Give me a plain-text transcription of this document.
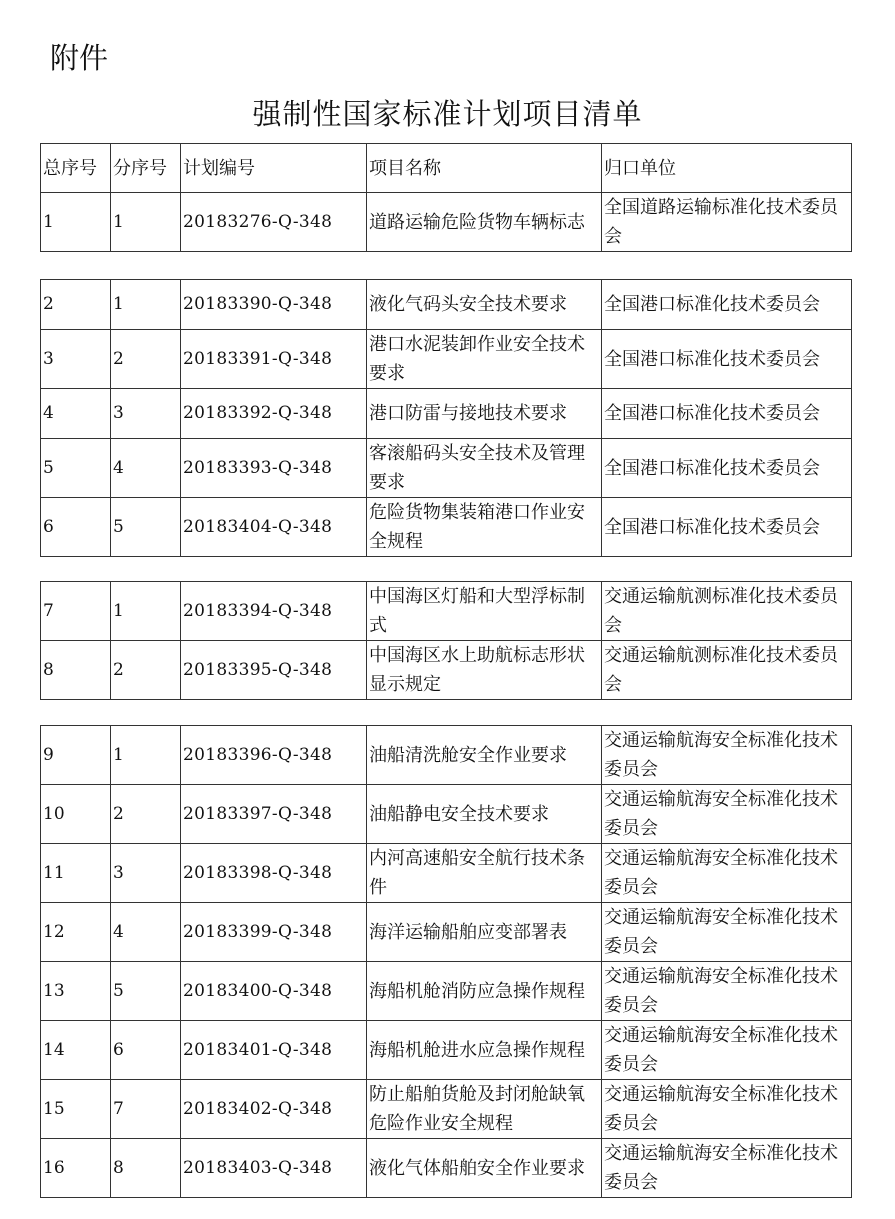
附件
强制性国家标准计划项目清单
总序号	分序号	计划编号	项目名称	归口单位
1	1	20183276-Q-348	道路运输危险货物车辆标志	全国道路运输标准化技术委员会
2	1	20183390-Q-348	液化气码头安全技术要求	全国港口标准化技术委员会
3	2	20183391-Q-348	港口水泥装卸作业安全技术要求	全国港口标准化技术委员会
4	3	20183392-Q-348	港口防雷与接地技术要求	全国港口标准化技术委员会
5	4	20183393-Q-348	客滚船码头安全技术及管理要求	全国港口标准化技术委员会
6	5	20183404-Q-348	危险货物集装箱港口作业安全规程	全国港口标准化技术委员会
7	1	20183394-Q-348	中国海区灯船和大型浮标制式	交通运输航测标准化技术委员会
8	2	20183395-Q-348	中国海区水上助航标志形状显示规定	交通运输航测标准化技术委员会
9	1	20183396-Q-348	油船清洗舱安全作业要求	交通运输航海安全标准化技术委员会
10	2	20183397-Q-348	油船静电安全技术要求	交通运输航海安全标准化技术委员会
11	3	20183398-Q-348	内河高速船安全航行技术条件	交通运输航海安全标准化技术委员会
12	4	20183399-Q-348	海洋运输船舶应变部署表	交通运输航海安全标准化技术委员会
13	5	20183400-Q-348	海船机舱消防应急操作规程	交通运输航海安全标准化技术委员会
14	6	20183401-Q-348	海船机舱进水应急操作规程	交通运输航海安全标准化技术委员会
15	7	20183402-Q-348	防止船舶货舱及封闭舱缺氧危险作业安全规程	交通运输航海安全标准化技术委员会
16	8	20183403-Q-348	液化气体船舶安全作业要求	交通运输航海安全标准化技术委员会
